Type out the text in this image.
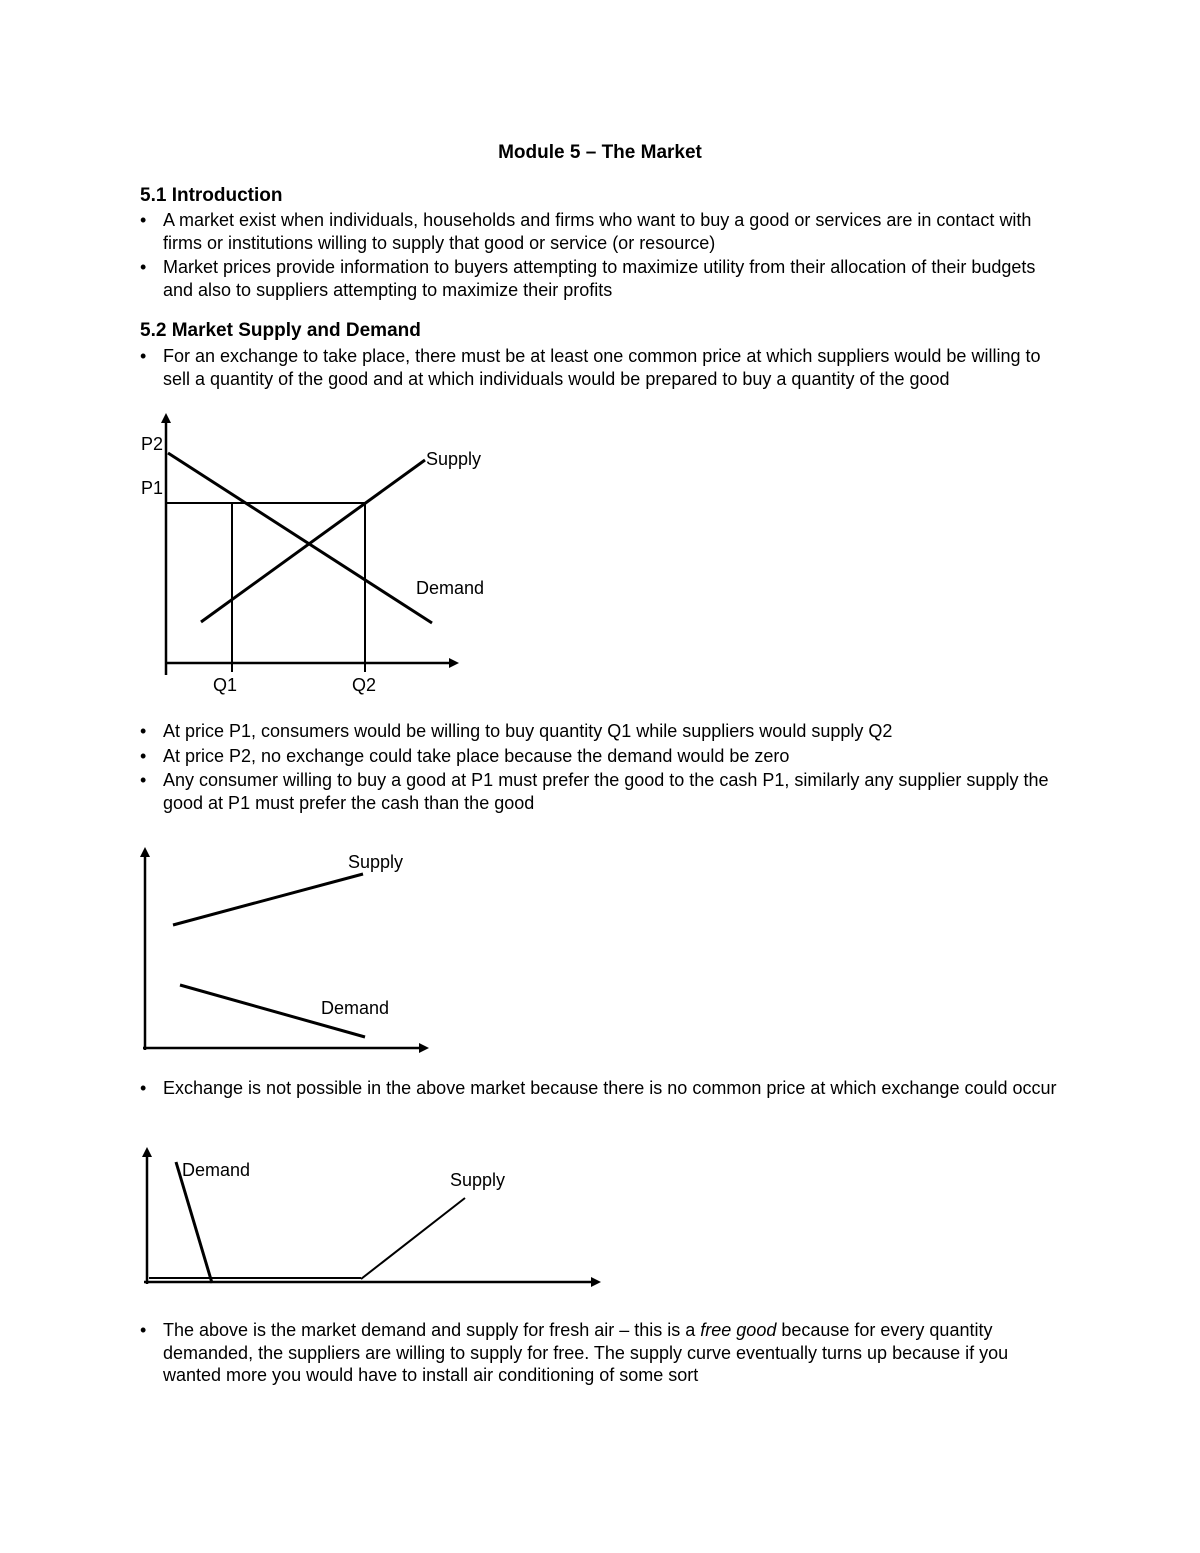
Module 5 – The Market
5.1 Introduction
• A market exist when individuals, households and firms who want to buy a good or services are in contact with firms or institutions willing to supply that good or service (or resource)
• Market prices provide information to buyers attempting to maximize utility from their allocation of their budgets and also to suppliers attempting to maximize their profits
5.2 Market Supply and Demand
• For an exchange to take place, there must be at least one common price at which suppliers would be willing to sell a quantity of the good and at which individuals would be prepared to buy a quantity of the good
P2
P1
Q1	Q2
Supply
Demand
• At price P1, consumers would be willing to buy quantity Q1 while suppliers would supply Q2
• At price P2, no exchange could take place because the demand would be zero
• Any consumer willing to buy a good at P1 must prefer the good to the cash P1, similarly any supplier supply the good at P1 must prefer the cash than the good
Supply
Demand
• Exchange is not possible in the above market because there is no common price at which exchange could occur
Demand	Supply
• The above is the market demand and supply for fresh air – this is a free good because for every quantity demanded, the suppliers are willing to supply for free. The supply curve eventually turns up because if you wanted more you would have to install air conditioning of some sort
